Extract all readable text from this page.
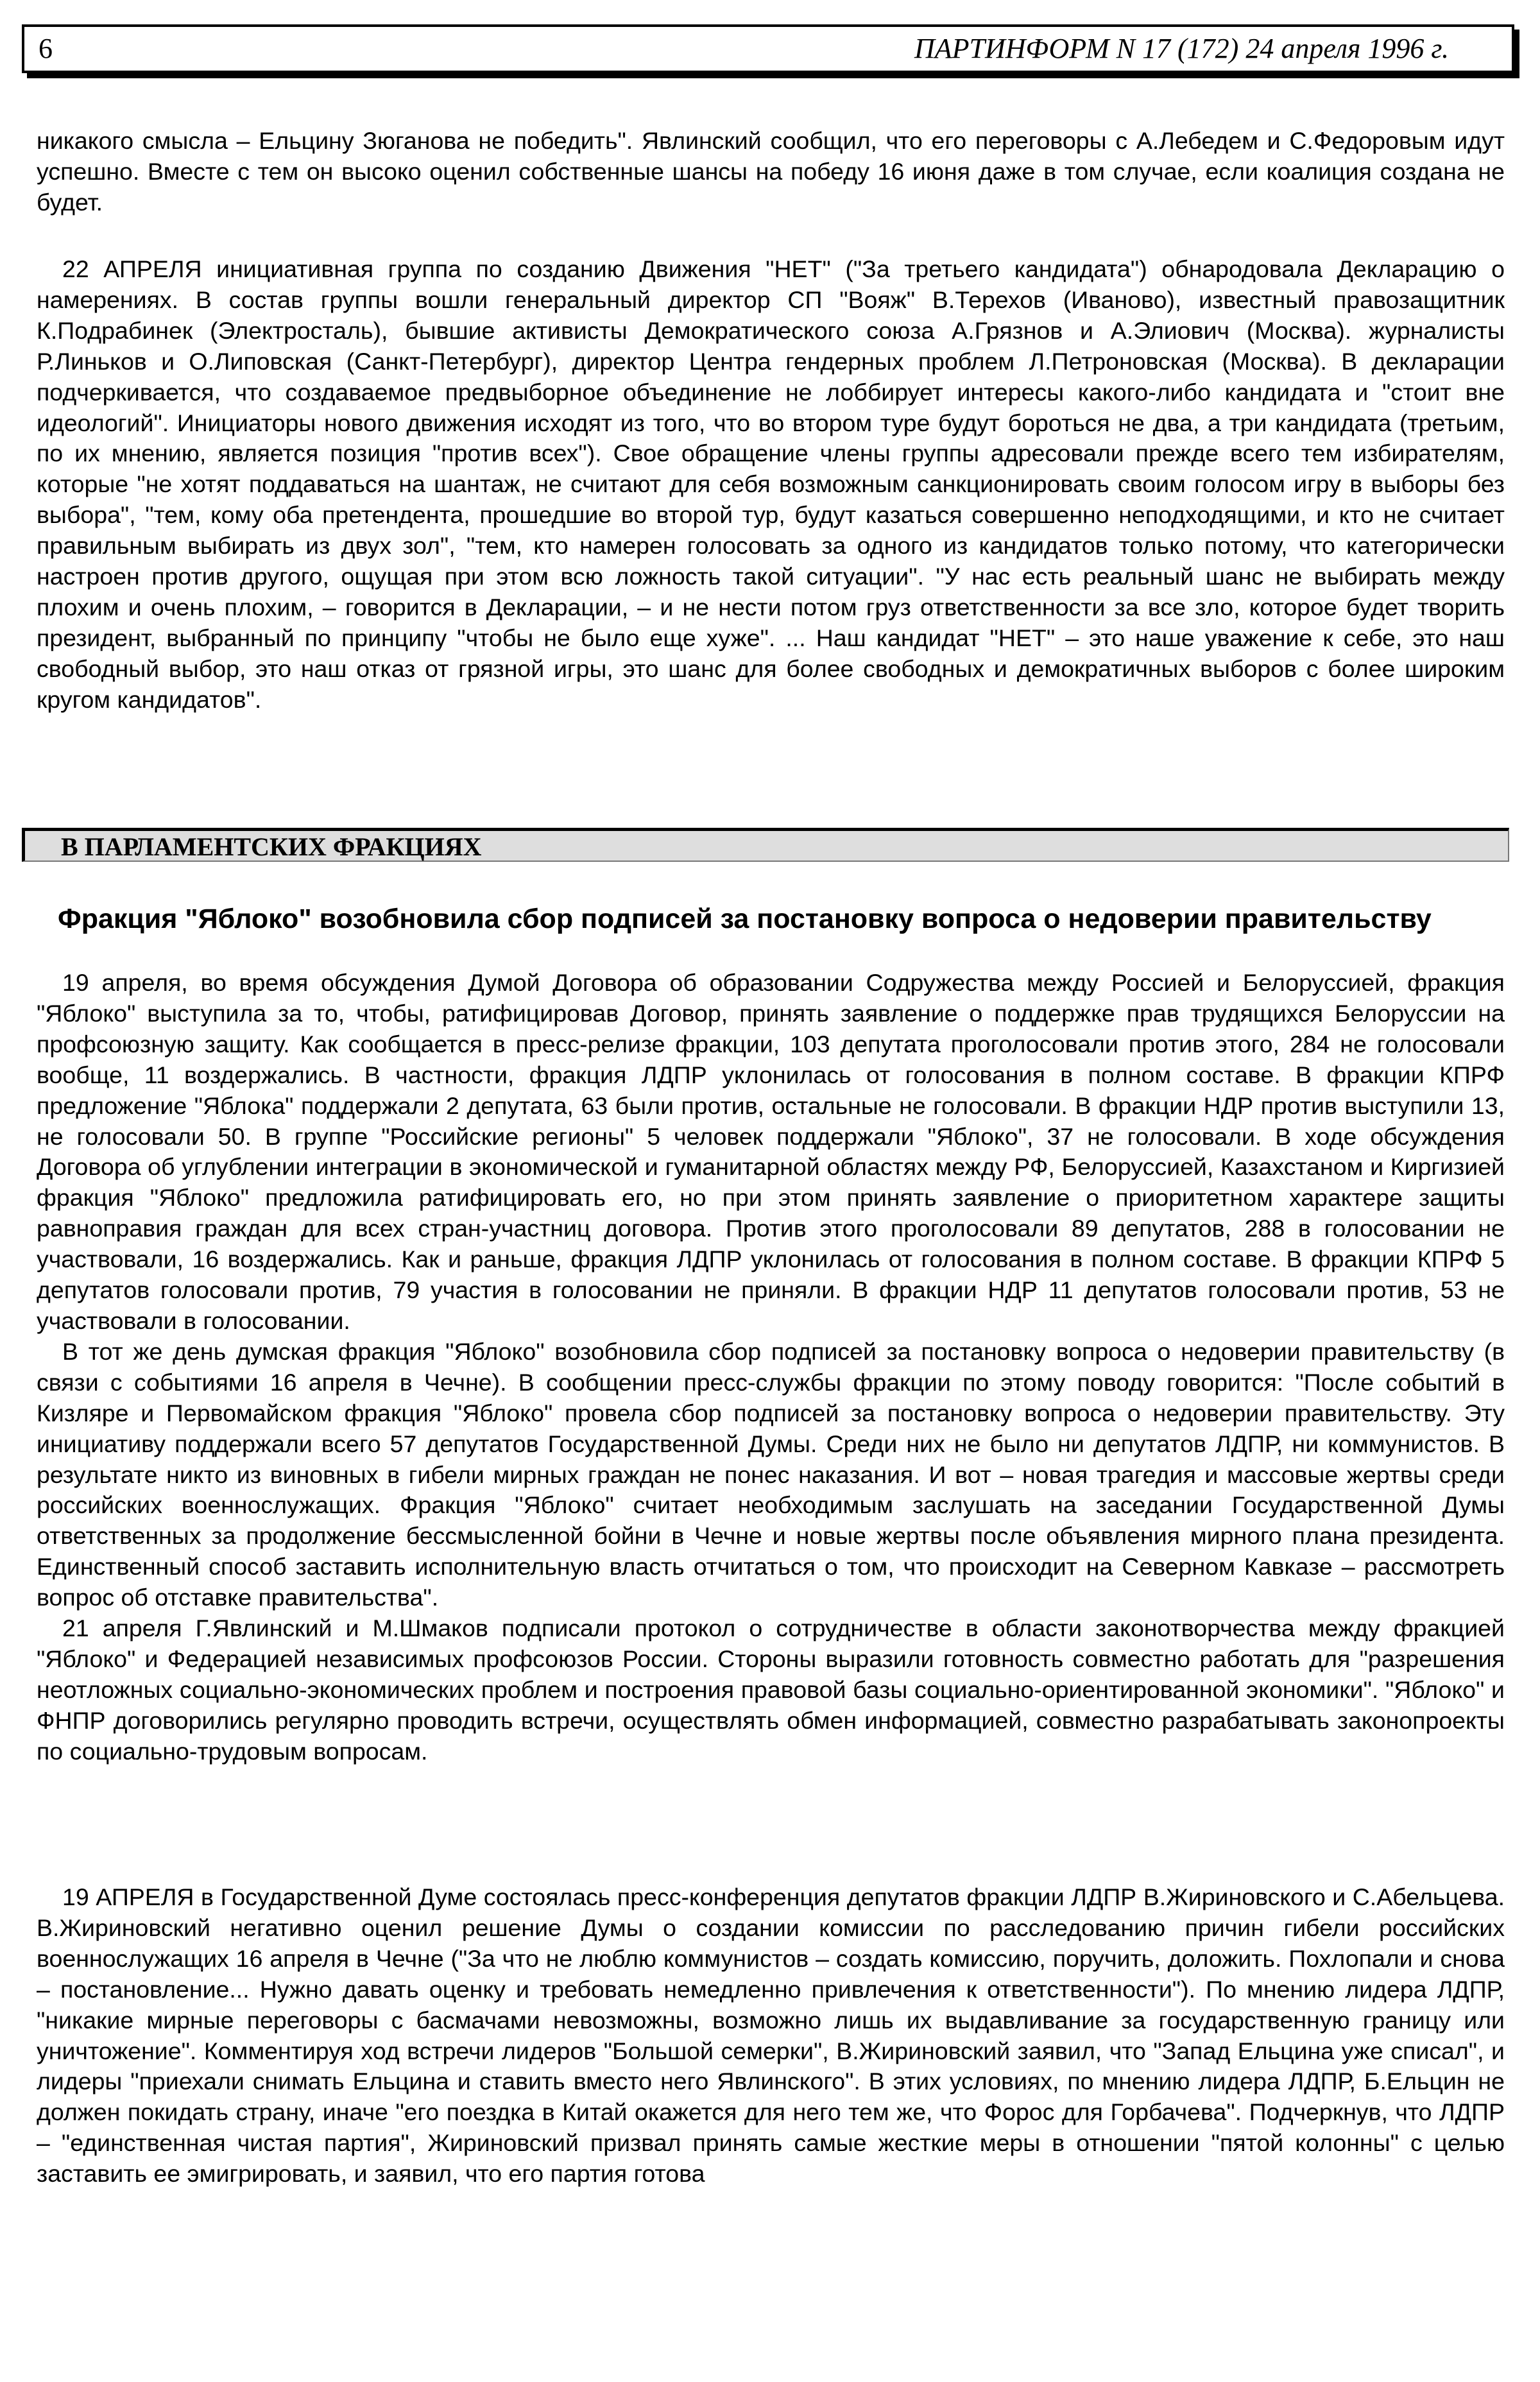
6	ПАРТИНФОРМ N 17 (172) 24 апреля 1996 г.

никакого смысла – Ельцину Зюганова не победить". Явлинский сообщил, что его переговоры с А.Лебедем и С.Федоровым идут успешно. Вместе с тем он высоко оценил собственные шансы на победу 16 июня даже в том случае, если коалиция создана не будет.

22 АПРЕЛЯ инициативная группа по созданию Движения "НЕТ" ("За третьего кандидата") обнародовала Декларацию о намерениях. В состав группы вошли генеральный директор СП "Вояж" В.Терехов (Иваново), известный правозащитник К.Подрабинек (Электросталь), бывшие активисты Демократического союза А.Грязнов и А.Элиович (Москва). журналисты Р.Линьков и О.Липовская (Санкт-Петербург), директор Центра гендерных проблем Л.Петроновская (Москва). В декларации подчеркивается, что создаваемое предвыборное объединение не лоббирует интересы какого-либо кандидата и "стоит вне идеологий". Инициаторы нового движения исходят из того, что во втором туре будут бороться не два, а три кандидата (третьим, по их мнению, является позиция "против всех"). Свое обращение члены группы адресовали прежде всего тем избирателям, которые "не хотят поддаваться на шантаж, не считают для себя возможным санкционировать своим голосом игру в выборы без выбора", "тем, кому оба претендента, прошедшие во второй тур, будут казаться совершенно неподходящими, и кто не считает правильным выбирать из двух зол", "тем, кто намерен голосовать за одного из кандидатов только потому, что категорически настроен против другого, ощущая при этом всю ложность такой ситуации". "У нас есть реальный шанс не выбирать между плохим и очень плохим, – говорится в Декларации, – и не нести потом груз ответственности за все зло, которое будет творить президент, выбранный по принципу "чтобы не было еще хуже". ... Наш кандидат "НЕТ" – это наше уважение к себе, это наш свободный выбор, это наш отказ от грязной игры, это шанс для более свободных и демократичных выборов с более широким кругом кандидатов".

В ПАРЛАМЕНТСКИХ ФРАКЦИЯХ
Фракция "Яблоко" возобновила сбор подписей за постановку вопроса о недоверии правительству

19 апреля, во время обсуждения Думой Договора об образовании Содружества между Россией и Белоруссией, фракция "Яблоко" выступила за то, чтобы, ратифицировав Договор, принять заявление о поддержке прав трудящихся Белоруссии на профсоюзную защиту. Как сообщается в пресс-релизе фракции, 103 депутата проголосовали против этого, 284 не голосовали вообще, 11 воздержались. В частности, фракция ЛДПР уклонилась от голосования в полном составе. В фракции КПРФ предложение "Яблока" поддержали 2 депутата, 63 были против, остальные не голосовали. В фракции НДР против выступили 13, не голосовали 50. В группе "Российские регионы" 5 человек поддержали "Яблоко", 37 не голосовали. В ходе обсуждения Договора об углублении интеграции в экономической и гуманитарной областях между РФ, Белоруссией, Казахстаном и Киргизией фракция "Яблоко" предложила ратифицировать его, но при этом принять заявление о приоритетном характере защиты равноправия граждан для всех стран-участниц договора. Против этого проголосовали 89 депутатов, 288 в голосовании не участвовали, 16 воздержались. Как и раньше, фракция ЛДПР уклонилась от голосования в полном составе. В фракции КПРФ 5 депутатов голосовали против, 79 участия в голосовании не приняли. В фракции НДР 11 депутатов голосовали против, 53 не участвовали в голосовании.

В тот же день думская фракция "Яблоко" возобновила сбор подписей за постановку вопроса о недоверии правительству (в связи с событиями 16 апреля в Чечне). В сообщении пресс-службы фракции по этому поводу говорится: "После событий в Кизляре и Первомайском фракция "Яблоко" провела сбор подписей за постановку вопроса о недоверии правительству. Эту инициативу поддержали всего 57 депутатов Государственной Думы. Среди них не было ни депутатов ЛДПР, ни коммунистов. В результате никто из виновных в гибели мирных граждан не понес наказания. И вот – новая трагедия и массовые жертвы среди российских военнослужащих. Фракция "Яблоко" считает необходимым заслушать на заседании Государственной Думы ответственных за продолжение бессмысленной бойни в Чечне и новые жертвы после объявления мирного плана президента. Единственный способ заставить исполнительную власть отчитаться о том, что происходит на Северном Кавказе – рассмотреть вопрос об отставке правительства".

21 апреля Г.Явлинский и М.Шмаков подписали протокол о сотрудничестве в области законотворчества между фракцией "Яблоко" и Федерацией независимых профсоюзов России. Стороны выразили готовность совместно работать для "разрешения неотложных социально-экономических проблем и построения правовой базы социально-ориентированной экономики". "Яблоко" и ФНПР договорились регулярно проводить встречи, осуществлять обмен информацией, совместно разрабатывать законопроекты по социально-трудовым вопросам.

19 АПРЕЛЯ в Государственной Думе состоялась пресс-конференция депутатов фракции ЛДПР В.Жириновского и С.Абельцева. В.Жириновский негативно оценил решение Думы о создании комиссии по расследованию причин гибели российских военнослужащих 16 апреля в Чечне ("За что не люблю коммунистов – создать комиссию, поручить, доложить. Похлопали и снова – постановление... Нужно давать оценку и требовать немедленно привлечения к ответственности"). По мнению лидера ЛДПР, "никакие мирные переговоры с басмачами невозможны, возможно лишь их выдавливание за государственную границу или уничтожение". Комментируя ход встречи лидеров "Большой семерки", В.Жириновский заявил, что "Запад Ельцина уже списал", и лидеры "приехали снимать Ельцина и ставить вместо него Явлинского". В этих условиях, по мнению лидера ЛДПР, Б.Ельцин не должен покидать страну, иначе "его поездка в Китай окажется для него тем же, что Форос для Горбачева". Подчеркнув, что ЛДПР – "единственная чистая партия", Жириновский призвал принять самые жесткие меры в отношении "пятой колонны" с целью заставить ее эмигрировать, и заявил, что его партия готова
